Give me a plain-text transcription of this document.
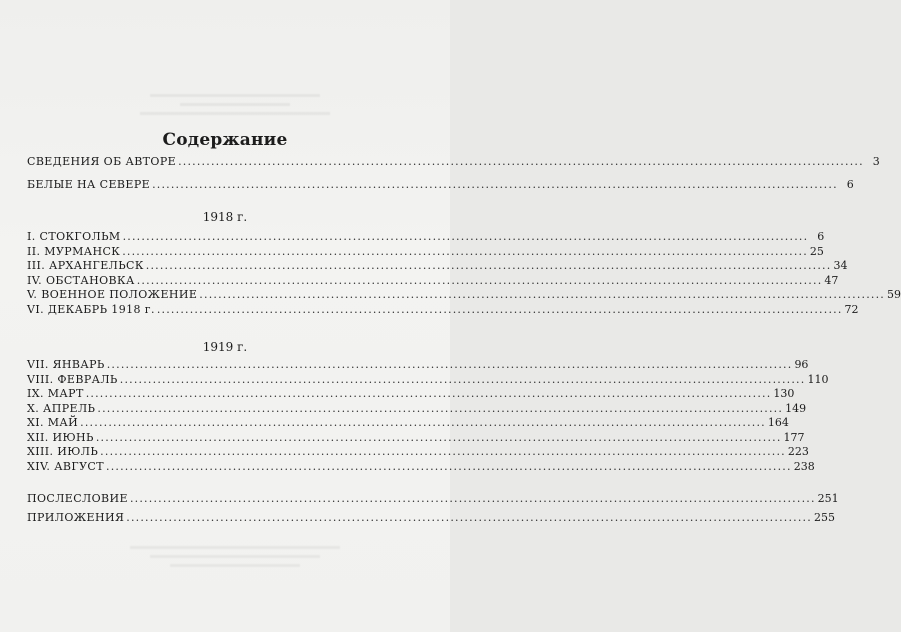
Содержание
СВЕДЕНИЯ ОБ АВТОРЕ .................................................................................................................................................. 3
БЕЛЫЕ НА СЕВЕРЕ .................................................................................................................................................. 6
1918 г.
I. СТОКГОЛЬМ .................................................................................................................................................. 6
II. МУРМАНСК .................................................................................................................................................. 25
III. АРХАНГЕЛЬСК .................................................................................................................................................. 34
IV. ОБСТАНОВКА .................................................................................................................................................. 47
V. ВОЕННОЕ ПОЛОЖЕНИЕ .................................................................................................................................................. 59
VI. ДЕКАБРЬ 1918 г. .................................................................................................................................................. 72
1919 г.
VII. ЯНВАРЬ .................................................................................................................................................. 96
VIII. ФЕВРАЛЬ .................................................................................................................................................. 110
IX. МАРТ .................................................................................................................................................. 130
X. АПРЕЛЬ .................................................................................................................................................. 149
XI. МАЙ .................................................................................................................................................. 164
XII. ИЮНЬ .................................................................................................................................................. 177
XIII. ИЮЛЬ .................................................................................................................................................. 223
XIV. АВГУСТ .................................................................................................................................................. 238
ПОСЛЕСЛОВИЕ .................................................................................................................................................. 251
ПРИЛОЖЕНИЯ .................................................................................................................................................. 255
